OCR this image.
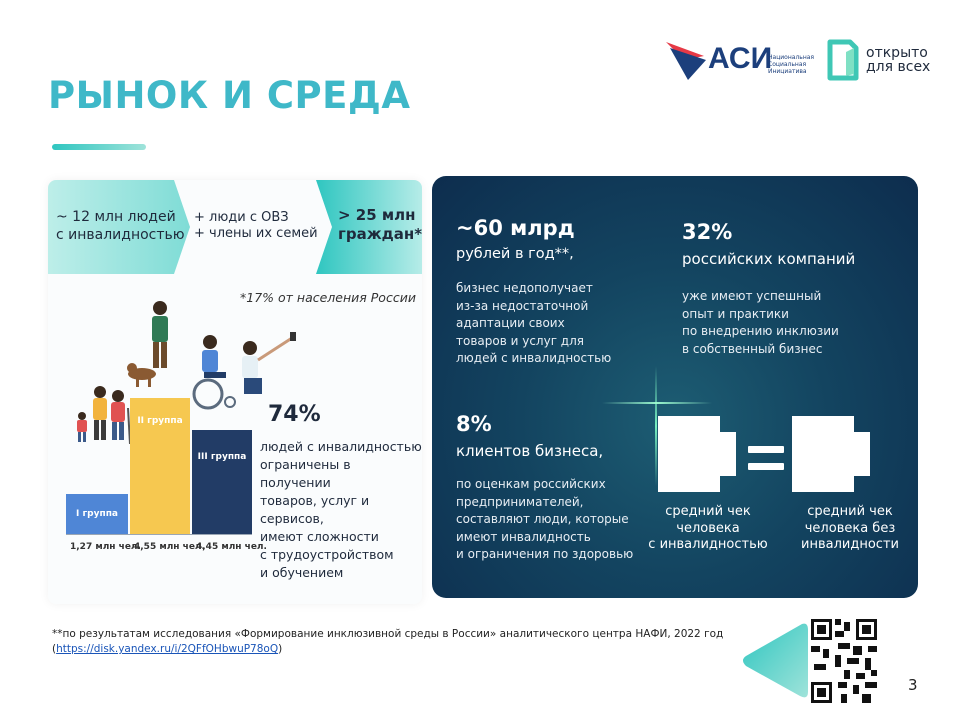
РЫНОК И СРЕДА
АСИ
Национальная
Социальная
Инициатива
открыто
для всех
~ 12 млн людей
с инвалидностью
+ люди с ОВЗ
+ члены их семей
> 25 млн
граждан*
*17% от населения России
I группа
II группа
III группа
1,27 млн чел.
4,55 млн чел.
4,45 млн чел.
74%
людей с инвалидностью
ограничены в получении
товаров, услуг и сервисов,
имеют сложности
с трудоустройством
и обучением
~60 млрд
рублей в год**,
бизнес недополучает
из-за недостаточной
адаптации своих
товаров и услуг для
людей с инвалидностью
32%
российских компаний
уже имеют успешный
опыт и практики
по внедрению инклюзии
в собственный бизнес
8%
клиентов бизнеса,
по оценкам российских
предпринимателей,
составляют люди, которые
имеют инвалидность
и ограничения по здоровью
средний чек
человека
с инвалидностью
средний чек
человека без
инвалидности
**по результатам исследования «Формирование инклюзивной среды в России» аналитического центра НАФИ, 2022 год
(https://disk.yandex.ru/i/2QFfOHbwuP78oQ)
3
